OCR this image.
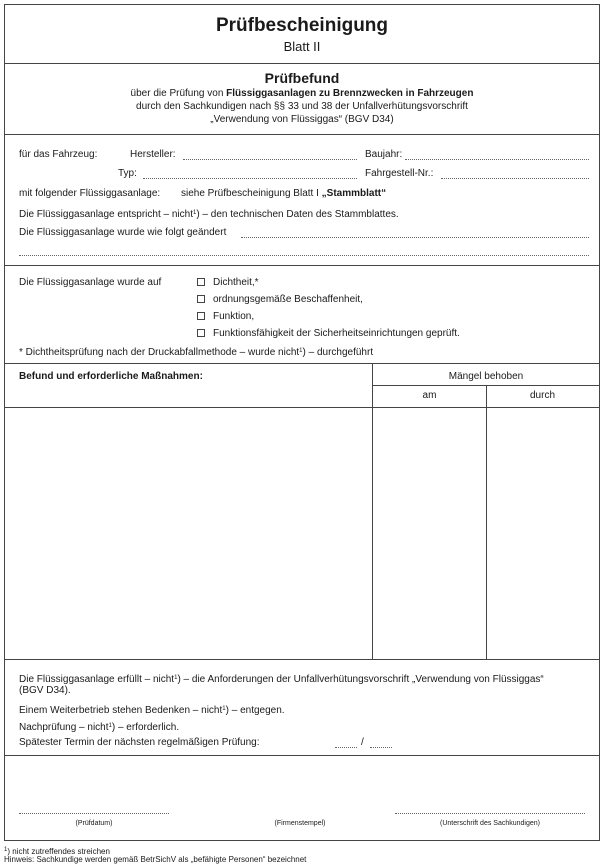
Prüfbescheinigung
Blatt II
Prüfbefund
über die Prüfung von Flüssiggasanlagen zu Brennzwecken in Fahrzeugen
durch den Sachkundigen nach §§ 33 und 38 der Unfallverhütungsvorschrift
„Verwendung von Flüssiggas“ (BGV D34)
für das Fahrzeug:	Hersteller:	Baujahr:
Typ:	Fahrgestell-Nr.:
mit folgender Flüssiggasanlage: siehe Prüfbescheinigung Blatt I „Stammblatt“
Die Flüssiggasanlage entspricht – nicht$^1$) – den technischen Daten des Stammblattes.
Die Flüssiggasanlage wurde wie folgt geändert
Die Flüssiggasanlage wurde auf	Dichtheit,*
ordnungsgemäße Beschaffenheit,
Funktion,
Funktionsfähigkeit der Sicherheitseinrichtungen geprüft.
* Dichtheitsprüfung nach der Druckabfallmethode – wurde nicht$^1$) – durchgeführt
Befund und erforderliche Maßnahmen:	Mängel behoben
am	durch
Die Flüssiggasanlage erfüllt – nicht$^1$) – die Anforderungen der Unfallverhütungsvorschrift „Verwendung von Flüssiggas“
(BGV D34).
Einem Weiterbetrieb stehen Bedenken – nicht$^1$) – entgegen.
Nachprüfung – nicht$^1$) – erforderlich.
Spätester Termin der nächsten regelmäßigen Prüfung:	/
(Prüfdatum)	(Firmenstempel)	(Unterschrift des Sachkundigen)
$^1$) nicht zutreffendes streichen
Hinweis: Sachkundige werden gemäß BetrSichV als „befähigte Personen“ bezeichnet
